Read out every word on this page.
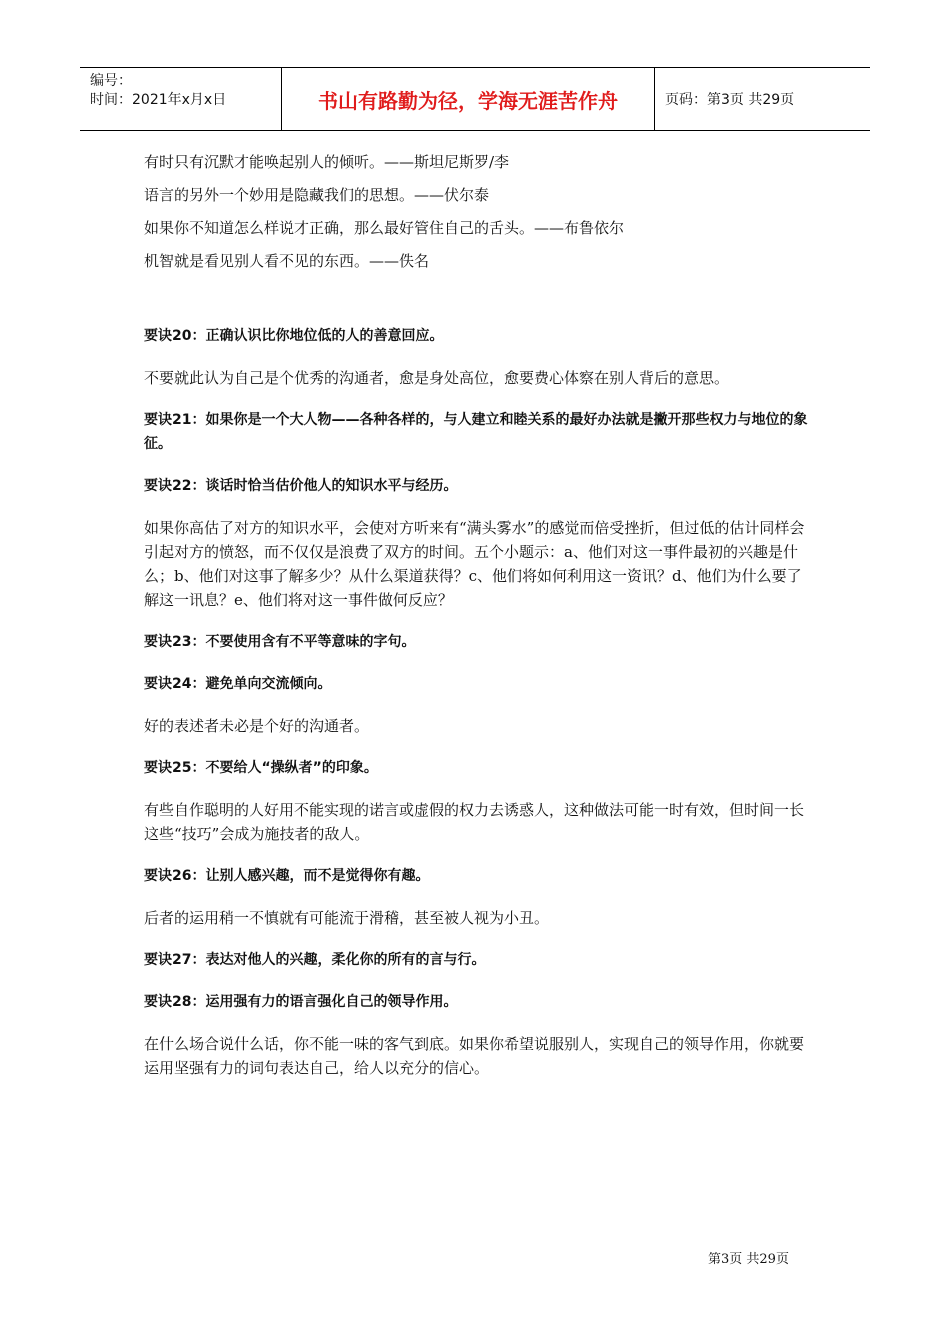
编号：
时间：2021年x月x日	书山有路勤为径，学海无涯苦作舟	页码：第3页 共29页
有时只有沉默才能唤起别人的倾听。——斯坦尼斯罗/李
语言的另外一个妙用是隐藏我们的思想。——伏尔泰
如果你不知道怎么样说才正确，那么最好管住自己的舌头。——布鲁依尔
机智就是看见别人看不见的东西。——佚名
要诀20：正确认识比你地位低的人的善意回应。
不要就此认为自己是个优秀的沟通者，愈是身处高位，愈要费心体察在别人背后的意思。
要诀21：如果你是一个大人物——各种各样的，与人建立和睦关系的最好办法就是撇开那些权力与地位的象征。
要诀22：谈话时恰当估价他人的知识水平与经历。
如果你高估了对方的知识水平，会使对方听来有“满头雾水”的感觉而倍受挫折，但过低的估计同样会引起对方的愤怒，而不仅仅是浪费了双方的时间。五个小题示：a、他们对这一事件最初的兴趣是什么；b、他们对这事了解多少？从什么渠道获得？c、他们将如何利用这一资讯？d、他们为什么要了解这一讯息？e、他们将对这一事件做何反应？
要诀23：不要使用含有不平等意味的字句。
要诀24：避免单向交流倾向。
好的表述者未必是个好的沟通者。
要诀25：不要给人“操纵者”的印象。
有些自作聪明的人好用不能实现的诺言或虚假的权力去诱惑人，这种做法可能一时有效，但时间一长这些“技巧”会成为施技者的敌人。
要诀26：让别人感兴趣，而不是觉得你有趣。
后者的运用稍一不慎就有可能流于滑稽，甚至被人视为小丑。
要诀27：表达对他人的兴趣，柔化你的所有的言与行。
要诀28：运用强有力的语言强化自己的领导作用。
在什么场合说什么话，你不能一味的客气到底。如果你希望说服别人，实现自己的领导作用，你就要运用坚强有力的词句表达自己，给人以充分的信心。
第3页 共29页
